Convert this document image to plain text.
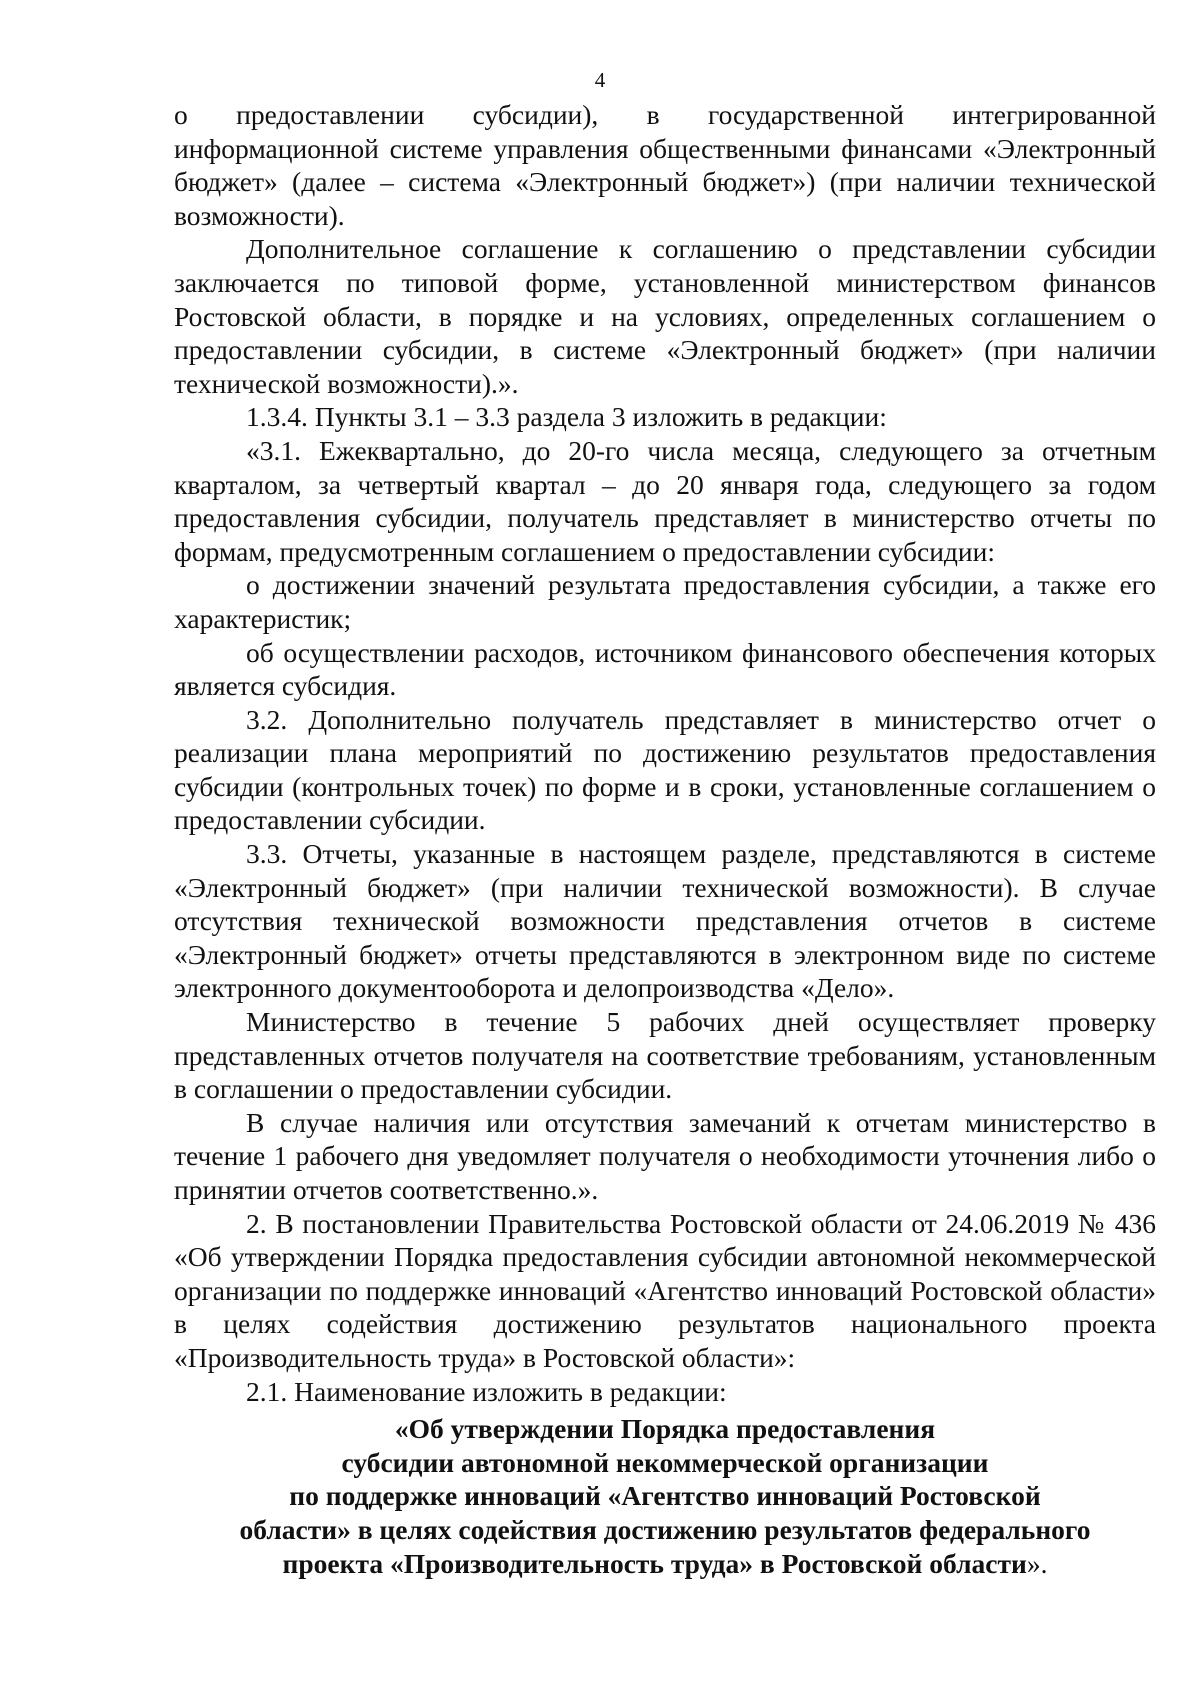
4

о предоставлении субсидии), в государственной интегрированной информационной системе управления общественными финансами «Электронный бюджет» (далее – система «Электронный бюджет») (при наличии технической возможности).

Дополнительное соглашение к соглашению о представлении субсидии заключается по типовой форме, установленной министерством финансов Ростовской области, в порядке и на условиях, определенных соглашением о предоставлении субсидии, в системе «Электронный бюджет» (при наличии технической возможности).».

1.3.4. Пункты 3.1 – 3.3 раздела 3 изложить в редакции:

«3.1. Ежеквартально, до 20-го числа месяца, следующего за отчетным кварталом, за четвертый квартал – до 20 января года, следующего за годом предоставления субсидии, получатель представляет в министерство отчеты по формам, предусмотренным соглашением о предоставлении субсидии:

о достижении значений результата предоставления субсидии, а также его характеристик;

об осуществлении расходов, источником финансового обеспечения которых является субсидия.

3.2. Дополнительно получатель представляет в министерство отчет о реализации плана мероприятий по достижению результатов предоставления субсидии (контрольных точек) по форме и в сроки, установленные соглашением о предоставлении субсидии.

3.3. Отчеты, указанные в настоящем разделе, представляются в системе «Электронный бюджет» (при наличии технической возможности). В случае отсутствия технической возможности представления отчетов в системе «Электронный бюджет» отчеты представляются в электронном виде по системе электронного документооборота и делопроизводства «Дело».

Министерство в течение 5 рабочих дней осуществляет проверку представленных отчетов получателя на соответствие требованиям, установленным в соглашении о предоставлении субсидии.

В случае наличия или отсутствия замечаний к отчетам министерство в течение 1 рабочего дня уведомляет получателя о необходимости уточнения либо о принятии отчетов соответственно.».

2. В постановлении Правительства Ростовской области от 24.06.2019 № 436 «Об утверждении Порядка предоставления субсидии автономной некоммерческой организации по поддержке инноваций «Агентство инноваций Ростовской области» в целях содействия достижению результатов национального проекта «Производительность труда» в Ростовской области»:

2.1. Наименование изложить в редакции:

«Об утверждении Порядка предоставления
субсидии автономной некоммерческой организации
по поддержке инноваций «Агентство инноваций Ростовской
области» в целях содействия достижению результатов федерального
проекта «Производительность труда» в Ростовской области».
